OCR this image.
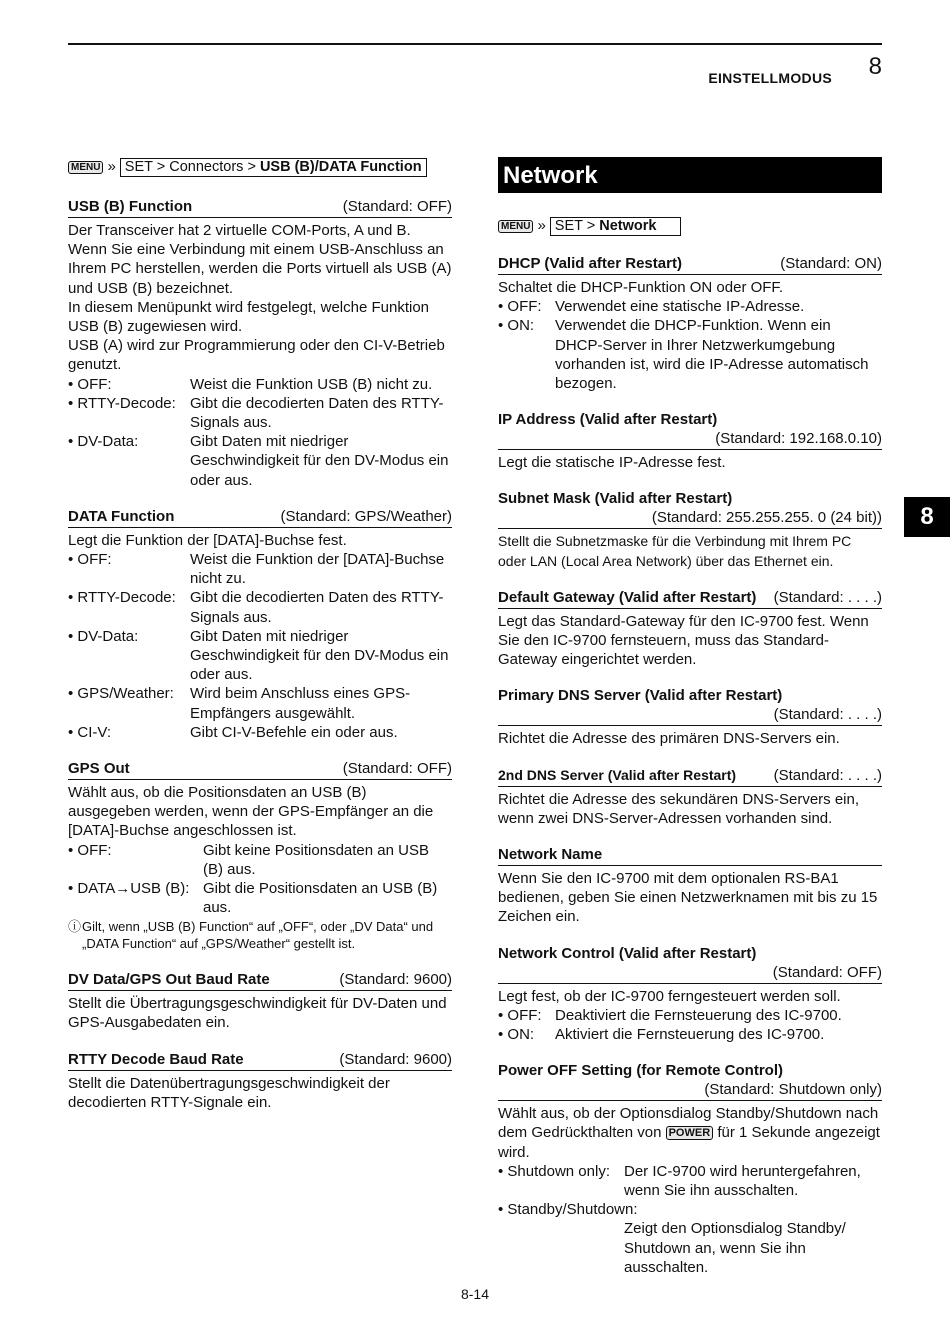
EINSTELLMODUS 8
MENU » SET > Connectors > USB (B)/DATA Function
USB (B) Function	(Standard: OFF)

Der Transceiver hat 2 virtuelle COM-Ports, A und B. Wenn Sie eine Verbindung mit einem USB-Anschluss an Ihrem PC herstellen, werden die Ports virtuell als USB (A) und USB (B) bezeichnet.

In diesem Menüpunkt wird festgelegt, welche Funktion USB (B) zugewiesen wird.

USB (A) wird zur Programmierung oder den CI-V-Betrieb genutzt.

• OFF:	Weist die Funktion USB (B) nicht zu.
• RTTY-Decode: Gibt die decodierten Daten des RTTY-Signals aus.
• DV-Data:	Gibt Daten mit niedriger Geschwindigkeit für den DV-Modus ein oder aus.
DATA Function	(Standard: GPS/Weather)

Legt die Funktion der [DATA]-Buchse fest.

• OFF:	Weist die Funktion der [DATA]-Buchse nicht zu.
• RTTY-Decode: Gibt die decodierten Daten des RTTY-Signals aus.
• DV-Data:	Gibt Daten mit niedriger Geschwindigkeit für den DV-Modus ein oder aus.
• GPS/Weather:	Wird beim Anschluss eines GPS-Empfängers ausgewählt.
• CI-V:	Gibt CI-V-Befehle ein oder aus.
GPS Out	(Standard: OFF)

Wählt aus, ob die Positionsdaten an USB (B) ausgegeben werden, wenn der GPS-Empfänger an die [DATA]-Buchse angeschlossen ist.

• OFF:	Gibt keine Positionsdaten an USB (B) aus.
• DATA→USB (B): Gibt die Positionsdaten an USB (B) aus.
ⓘ Gilt, wenn „USB (B) Function“ auf „OFF“, oder „DV Data“ und „DATA Function“ auf „GPS/Weather“ gestellt ist.
DV Data/GPS Out Baud Rate	(Standard: 9600)

Stellt die Übertragungsgeschwindigkeit für DV-Daten und GPS-Ausgabedaten ein.

RTTY Decode Baud Rate	(Standard: 9600)

Stellt die Datenübertragungsgeschwindigkeit der decodierten RTTY-Signale ein.

Network
MENU » SET > Network
DHCP (Valid after Restart)	(Standard: ON)

Schaltet die DHCP-Funktion ON oder OFF.

• OFF: Verwendet eine statische IP-Adresse.
• ON:	Verwendet die DHCP-Funktion. Wenn ein DHCP-Server in Ihrer Netzwerkumgebung vorhanden ist, wird die IP-Adresse automatisch bezogen.
IP Address (Valid after Restart)
(Standard: 192.168.0.10)

Legt die statische IP-Adresse fest.

Subnet Mask (Valid after Restart)
(Standard: 255.255.255. 0 (24 bit))

Stellt die Subnetzmaske für die Verbindung mit Ihrem PC oder LAN (Local Area Network) über das Ethernet ein.

Default Gateway (Valid after Restart) (Standard: . . . .)

Legt das Standard-Gateway für den IC-9700 fest. Wenn Sie den IC-9700 fernsteuern, muss das Standard-Gateway eingerichtet werden.

Primary DNS Server (Valid after Restart)
(Standard: . . . .)

Richtet die Adresse des primären DNS-Servers ein.

2nd DNS Server (Valid after Restart)	(Standard: . . . .)

Richtet die Adresse des sekundären DNS-Servers ein, wenn zwei DNS-Server-Adressen vorhanden sind.

Network Name

Wenn Sie den IC-9700 mit dem optionalen RS-BA1 bedienen, geben Sie einen Netzwerknamen mit bis zu 15 Zeichen ein.

Network Control (Valid after Restart)
(Standard: OFF)

Legt fest, ob der IC-9700 ferngesteuert werden soll.

• OFF: Deaktiviert die Fernsteuerung des IC-9700.
• ON:	Aktiviert die Fernsteuerung des IC-9700.
Power OFF Setting (for Remote Control)
(Standard: Shutdown only)

Wählt aus, ob der Optionsdialog Standby/Shutdown nach dem Gedrückthalten von POWER für 1 Sekunde angezeigt wird.

• Shutdown only: Der IC-9700 wird heruntergefahren, wenn Sie ihn ausschalten.
• Standby/Shutdown:
Zeigt den Optionsdialog Standby/ Shutdown an, wenn Sie ihn ausschalten.
8
8-14
